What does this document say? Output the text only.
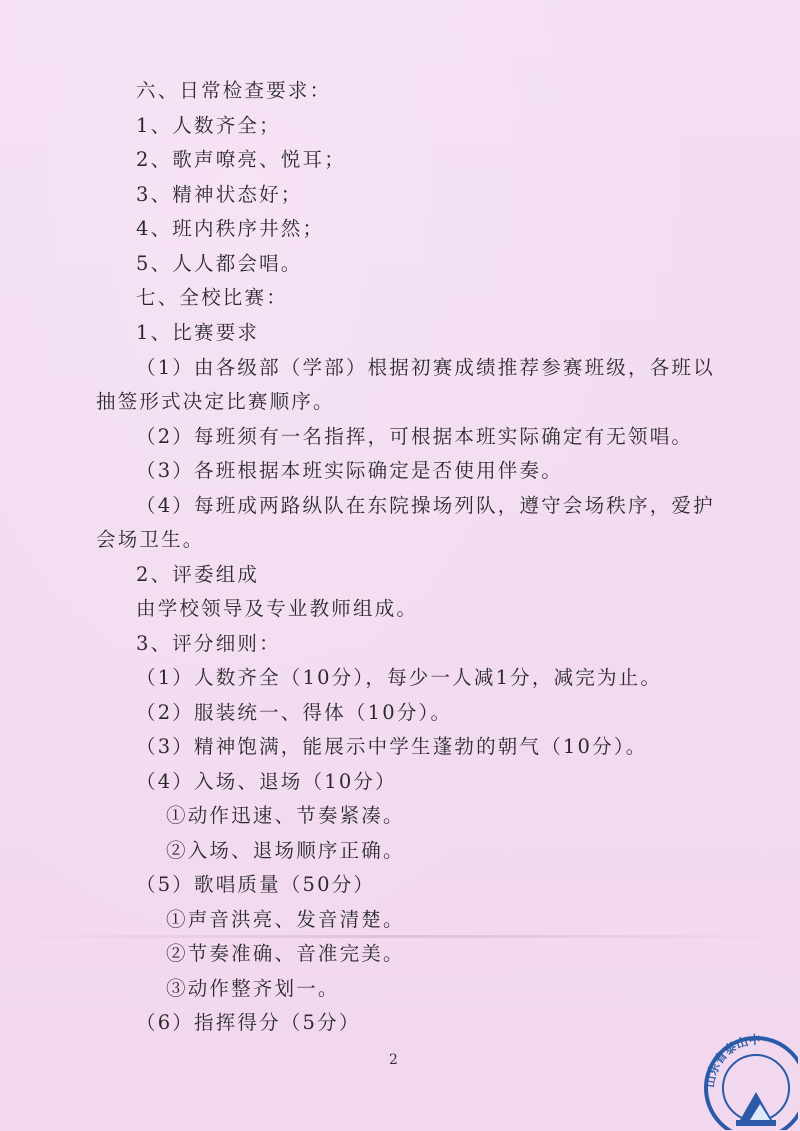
六、日常检查要求：
1、人数齐全；
2、歌声嘹亮、悦耳；
3、精神状态好；
4、班内秩序井然；
5、人人都会唱。
七、全校比赛：
1、比赛要求
（1）由各级部（学部）根据初赛成绩推荐参赛班级，各班以
抽签形式决定比赛顺序。
（2）每班须有一名指挥，可根据本班实际确定有无领唱。
（3）各班根据本班实际确定是否使用伴奏。
（4）每班成两路纵队在东院操场列队，遵守会场秩序，爱护
会场卫生。
2、评委组成
由学校领导及专业教师组成。
3、评分细则：
（1）人数齐全（10分），每少一人减1分，减完为止。
（2）服装统一、得体（10分）。
（3）精神饱满，能展示中学生蓬勃的朝气（10分）。
（4）入场、退场（10分）
①动作迅速、节奏紧凑。
②入场、退场顺序正确。
（5）歌唱质量（50分）
①声音洪亮、发音清楚。
②节奏准确、音准完美。
③动作整齐划一。
（6）指挥得分（5分）
2
山东省泰山中
